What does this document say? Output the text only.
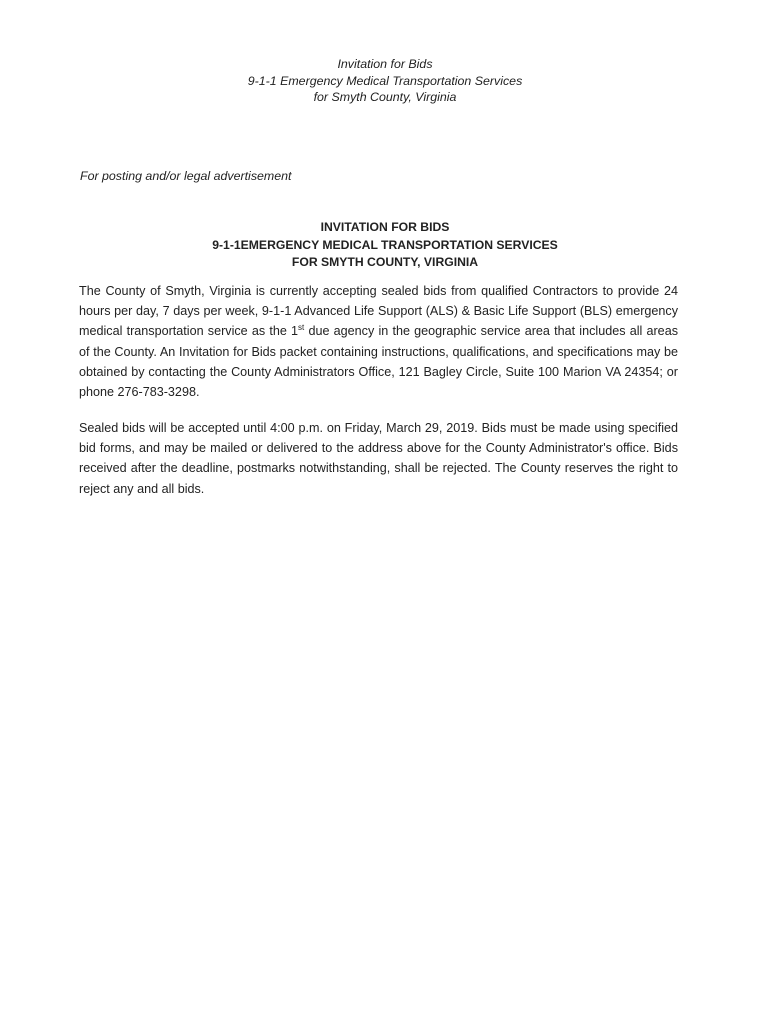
Invitation for Bids
9-1-1 Emergency Medical Transportation Services
for Smyth County, Virginia
For posting and/or legal advertisement
INVITATION FOR BIDS
9-1-1EMERGENCY MEDICAL TRANSPORTATION SERVICES
FOR SMYTH COUNTY, VIRGINIA

The County of Smyth, Virginia is currently accepting sealed bids from qualified Contractors to provide 24 hours per day, 7 days per week, 9-1-1 Advanced Life Support (ALS) & Basic Life Support (BLS) emergency medical transportation service as the 1st due agency in the geographic service area that includes all areas of the County. An Invitation for Bids packet containing instructions, qualifications, and specifications may be obtained by contacting the County Administrators Office, 121 Bagley Circle, Suite 100 Marion VA 24354; or phone 276-783-3298.

Sealed bids will be accepted until 4:00 p.m. on Friday, March 29, 2019. Bids must be made using specified bid forms, and may be mailed or delivered to the address above for the County Administrator's office. Bids received after the deadline, postmarks notwithstanding, shall be rejected. The County reserves the right to reject any and all bids.
